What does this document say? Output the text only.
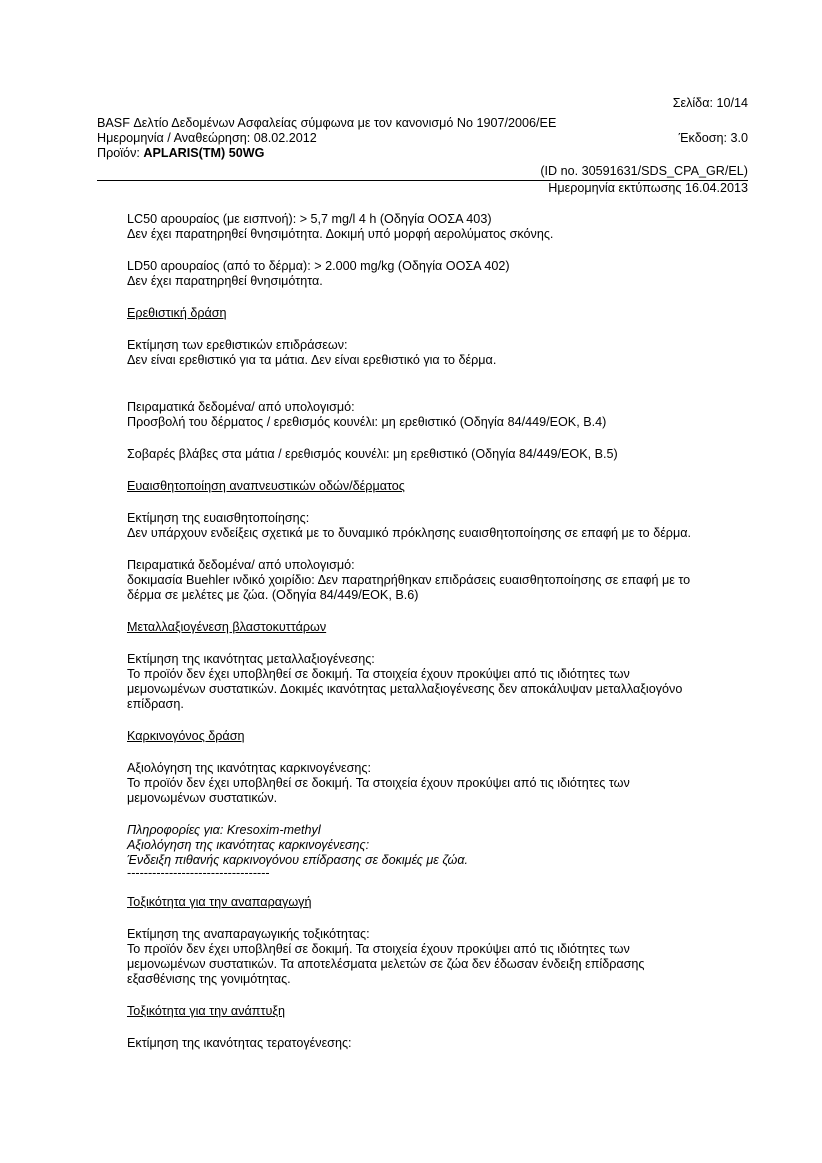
Σελίδα: 10/14
BASF Δελτίο Δεδομένων Ασφαλείας σύμφωνα με τον κανονισμό Νο 1907/2006/ΕΕ
Ημερομηνία / Αναθεώρηση: 08.02.2012	Έκδοση: 3.0
Προϊόν: APLARIS(TM) 50WG
(ID no. 30591631/SDS_CPA_GR/EL)
Ημερομηνία εκτύπωσης 16.04.2013

LC50 αρουραίος (με εισπνοή): > 5,7 mg/l 4 h (Οδηγία ΟΟΣΑ 403)

Δεν έχει παρατηρηθεί θνησιμότητα. Δοκιμή υπό μορφή αερολύματος σκόνης.

LD50 αρουραίος (από το δέρμα): > 2.000 mg/kg (Οδηγία ΟΟΣΑ 402)

Δεν έχει παρατηρηθεί θνησιμότητα.

Ερεθιστική δράση

Εκτίμηση των ερεθιστικών επιδράσεων:

Δεν είναι ερεθιστικό για τα μάτια. Δεν είναι ερεθιστικό για το δέρμα.

Πειραματικά δεδομένα/ από υπολογισμό:

Προσβολή του δέρματος / ερεθισμός κουνέλι: μη ερεθιστικό (Οδηγία 84/449/ΕΟΚ, B.4)

Σοβαρές βλάβες στα μάτια / ερεθισμός κουνέλι: μη ερεθιστικό (Οδηγία 84/449/ΕΟΚ, B.5)

Ευαισθητοποίηση αναπνευστικών οδών/δέρματος

Εκτίμηση της ευαισθητοποίησης:

Δεν υπάρχουν ενδείξεις σχετικά με το δυναμικό πρόκλησης ευαισθητοποίησης σε επαφή με το δέρμα.

Πειραματικά δεδομένα/ από υπολογισμό:

δοκιμασία Buehler ινδικό χοιρίδιο: Δεν παρατηρήθηκαν επιδράσεις ευαισθητοποίησης σε επαφή με το

δέρμα σε μελέτες με ζώα. (Οδηγία 84/449/ΕΟΚ, B.6)

Μεταλλαξιογένεση βλαστοκυττάρων

Εκτίμηση της ικανότητας μεταλλαξιογένεσης:

Το προϊόν δεν έχει υποβληθεί σε δοκιμή. Τα στοιχεία έχουν προκύψει από τις ιδιότητες των

μεμονωμένων συστατικών. Δοκιμές ικανότητας μεταλλαξιογένεσης δεν αποκάλυψαν μεταλλαξιογόνο

επίδραση.

Καρκινογόνος δράση

Αξιολόγηση της ικανότητας καρκινογένεσης:

Το προϊόν δεν έχει υποβληθεί σε δοκιμή. Τα στοιχεία έχουν προκύψει από τις ιδιότητες των

μεμονωμένων συστατικών.

Πληροφορίες για: Kresoxim-methyl

Αξιολόγηση της ικανότητας καρκινογένεσης:

Ένδειξη πιθανής καρκινογόνου επίδρασης σε δοκιμές με ζώα.

----------------------------------

Τοξικότητα για την αναπαραγωγή

Εκτίμηση της αναπαραγωγικής τοξικότητας:

Το προϊόν δεν έχει υποβληθεί σε δοκιμή. Τα στοιχεία έχουν προκύψει από τις ιδιότητες των

μεμονωμένων συστατικών. Τα αποτελέσματα μελετών σε ζώα δεν έδωσαν ένδειξη επίδρασης

εξασθένισης της γονιμότητας.

Τοξικότητα για την ανάπτυξη

Εκτίμηση της ικανότητας τερατογένεσης:
